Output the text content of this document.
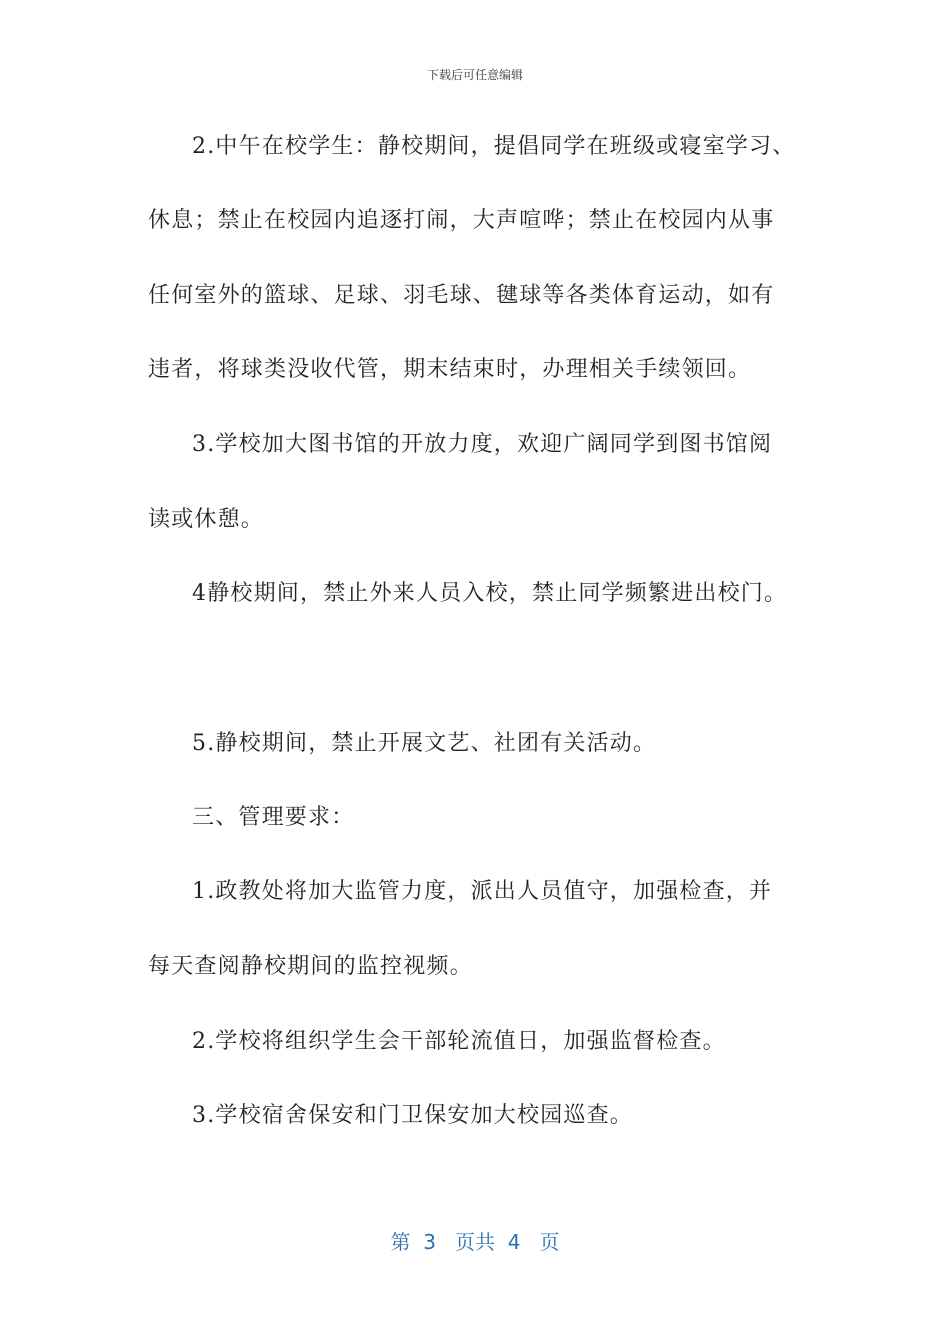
下载后可任意编辑
2.中午在校学生：静校期间，提倡同学在班级或寝室学习、
休息；禁止在校园内追逐打闹，大声喧哗；禁止在校园内从事
任何室外的篮球、足球、羽毛球、毽球等各类体育运动，如有
违者，将球类没收代管，期末结束时，办理相关手续领回。
3.学校加大图书馆的开放力度，欢迎广阔同学到图书馆阅
读或休憩。
4静校期间，禁止外来人员入校，禁止同学频繁进出校门。
5.静校期间，禁止开展文艺、社团有关活动。
三、管理要求：
1.政教处将加大监管力度，派出人员值守，加强检查，并
每天查阅静校期间的监控视频。
2.学校将组织学生会干部轮流值日，加强监督检查。
3.学校宿舍保安和门卫保安加大校园巡查。
第  3   页共  4   页
